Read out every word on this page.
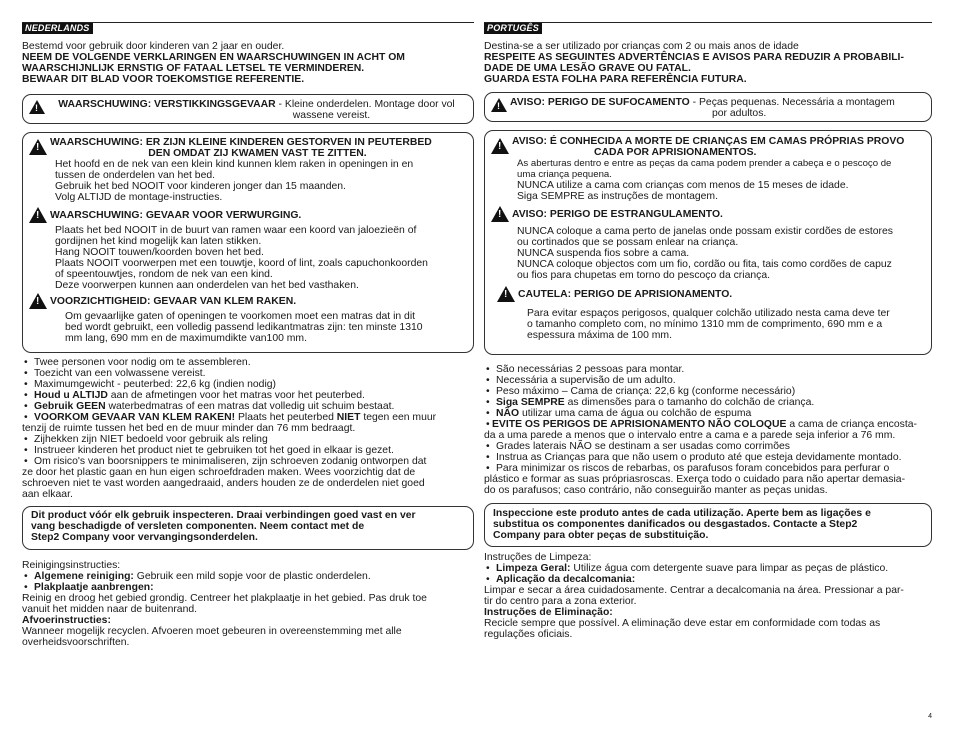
NEDERLANDS

Bestemd voor gebruik door kinderen van 2 jaar en ouder.

NEEM DE VOLGENDE VERKLARINGEN EN WAARSCHUWINGEN IN ACHT OM

WAARSCHIJNLIJK ERNSTIG OF FATAAL LETSEL TE VERMINDEREN.

BEWAAR DIT BLAD VOOR TOEKOMSTIGE REFERENTIE.

!
WAARSCHUWING: VERSTIKKINGSGEVAAR - Kleine onderdelen. Montage door vol
wassene vereist.
!
WAARSCHUWING: ER ZIJN KLEINE KINDEREN GESTORVEN IN PEUTERBED
DEN OMDAT ZIJ KWAMEN VAST TE ZITTEN.
Het hoofd en de nek van een klein kind kunnen klem raken in openingen in en
tussen de onderdelen van het bed.
Gebruik het bed NOOIT voor kinderen jonger dan 15 maanden.
Volg ALTIJD de montage-instructies.
!
WAARSCHUWING: GEVAAR VOOR VERWURGING.
Plaats het bed NOOIT in de buurt van ramen waar een koord van jaloezieën of
gordijnen het kind mogelijk kan laten stikken.
Hang NOOIT touwen/koorden boven het bed.
Plaats NOOIT voorwerpen met een touwtje, koord of lint, zoals capuchonkoorden
of speentouwtjes, rondom de nek van een kind.
Deze voorwerpen kunnen aan onderdelen van het bed vasthaken.
!
VOORZICHTIGHEID: GEVAAR VAN KLEM RAKEN.
Om gevaarlijke gaten of openingen te voorkomen moet een matras dat in dit
bed wordt gebruikt, een volledig passend ledikantmatras zijn: ten minste 1310
mm lang, 690 mm en de maximumdikte van100 mm.
• Twee personen voor nodig om te assembleren.
• Toezicht van een volwassene vereist.
• Maximumgewicht - peuterbed: 22,6 kg (indien nodig)
• Houd u ALTIJD aan de afmetingen voor het matras voor het peuterbed.
• Gebruik GEEN waterbedmatras of een matras dat volledig uit schuim bestaat.
• VOORKOM GEVAAR VAN KLEM RAKEN! Plaats het peuterbed NIET tegen een muur
tenzij de ruimte tussen het bed en de muur minder dan 76 mm bedraagt.
• Zijhekken zijn NIET bedoeld voor gebruik als reling
• Instrueer kinderen het product niet te gebruiken tot het goed in elkaar is gezet.
• Om risico's van boorsnippers te minimaliseren, zijn schroeven zodanig ontworpen dat
ze door het plastic gaan en hun eigen schroefdraden maken. Wees voorzichtig dat de
schroeven niet te vast worden aangedraaid, anders houden ze de onderdelen niet goed
aan elkaar.
Dit product vóór elk gebruik inspecteren. Draai verbindingen goed vast en ver
vang beschadigde of versleten componenten. Neem contact met de
Step2 Company voor vervangingsonderdelen.
Reinigingsinstructies:
• Algemene reiniging: Gebruik een mild sopje voor de plastic onderdelen.
• Plakplaatje aanbrengen:
Reinig en droog het gebied grondig. Centreer het plakplaatje in het gebied. Pas druk toe
vanuit het midden naar de buitenrand.
Afvoerinstructies:
Wanneer mogelijk recyclen. Afvoeren moet gebeuren in overeenstemming met alle
overheidsvoorschriften.
PORTUGÊS

Destina-se a ser utilizado por crianças com 2 ou mais anos de idade

RESPEITE AS SEGUINTES ADVERTÊNCIAS E AVISOS PARA REDUZIR A PROBABILI-

DADE DE UMA LESÃO GRAVE OU FATAL.

GUARDA ESTA FOLHA PARA REFERÊNCIA FUTURA.

!
AVISO: PERIGO DE SUFOCAMENTO - Peças pequenas. Necessária a montagem
por adultos.
!
AVISO: É CONHECIDA A MORTE DE CRIANÇAS EM CAMAS PRÓPRIAS PROVO
CADA POR APRISIONAMENTOS.
As aberturas dentro e entre as peças da cama podem prender a cabeça e o pescoço de
uma criança pequena.
NUNCA utilize a cama com crianças com menos de 15 meses de idade.
Siga SEMPRE as instruções de montagem.
!
AVISO: PERIGO DE ESTRANGULAMENTO.
NUNCA coloque a cama perto de janelas onde possam existir cordões de estores
ou cortinados que se possam enlear na criança.
NUNCA suspenda fios sobre a cama.
NUNCA coloque objectos com um fio, cordão ou fita, tais como cordões de capuz
ou fios para chupetas em torno do pescoço da criança.
!
CAUTELA: PERIGO DE APRISIONAMENTO.
Para evitar espaços perigosos, qualquer colchão utilizado nesta cama deve ter
o tamanho completo com, no mínimo 1310 mm de comprimento, 690 mm e a
espessura máxima de 100 mm.
• São necessárias 2 pessoas para montar.
• Necessária a supervisão de um adulto.
• Peso máximo – Cama de criança: 22,6 kg (conforme necessário)
• Siga SEMPRE as dimensões para o tamanho do colchão de criança.
• NÃO utilizar uma cama de água ou colchão de espuma
• EVITE OS PERIGOS DE APRISIONAMENTO NÃO COLOQUE a cama de criança encosta-
da a uma parede a menos que o intervalo entre a cama e a parede seja inferior a 76 mm.
• Grades laterais NÃO se destinam a ser usadas como corrimões
• Instrua as Crianças para que não usem o produto até que esteja devidamente montado.
• Para minimizar os riscos de rebarbas, os parafusos foram concebidos para perfurar o
plástico e formar as suas própriasroscas. Exerça todo o cuidado para não apertar demasia-
do os parafusos; caso contrário, não conseguirão manter as peças unidas.
Inspeccione este produto antes de cada utilização. Aperte bem as ligações e
substitua os componentes danificados ou desgastados. Contacte a Step2
Company para obter peças de substituição.
Instruções de Limpeza:
• Limpeza Geral: Utilize água com detergente suave para limpar as peças de plástico.
• Aplicação da decalcomania:
Limpar e secar a área cuidadosamente. Centrar a decalcomania na área. Pressionar a par-
tir do centro para a zona exterior.
Instruções de Eliminação:
Recicle sempre que possível. A eliminação deve estar em conformidade com todas as
regulações oficiais.
4
